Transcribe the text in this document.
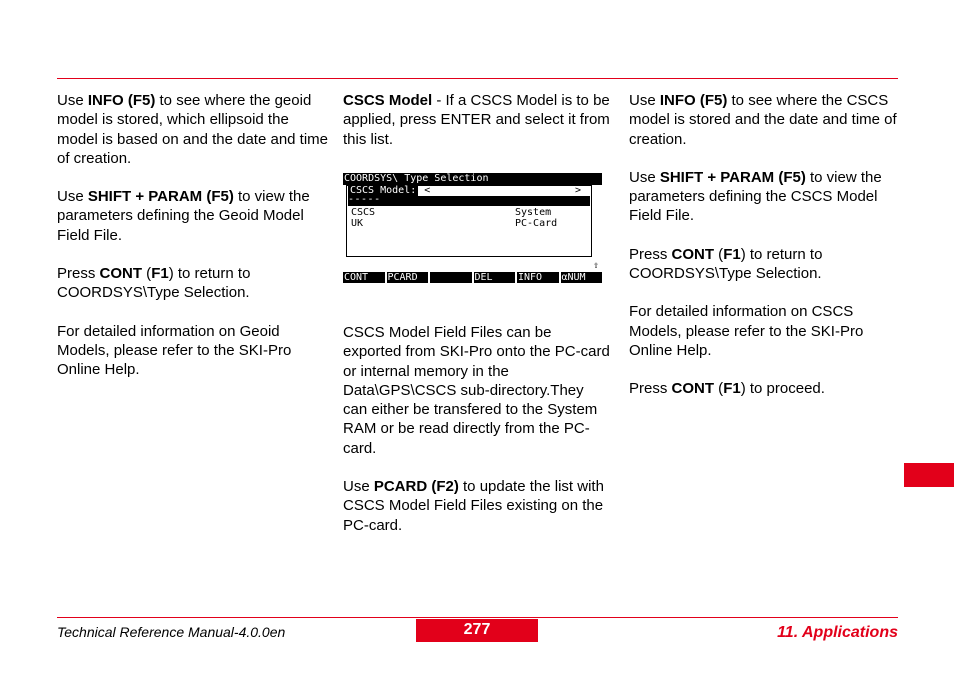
Use INFO (F5) to see where the geoid model is stored, which ellipsoid the model is based on and the date and time of creation.

Use SHIFT + PARAM (F5) to view the parameters defining the Geoid Model Field File.

Press CONT (F1) to return to COORDSYS\Type Selection.

For detailed information on Geoid Models, please refer to the SKI-Pro Online Help.

CSCS Model - If a CSCS Model is to be applied, press ENTER and select it from this list.

COORDSYS\ Type Selection
CSCS Model: <	>
-----
CSCS	System
UK	PC-Card
⇧
CONT	PCARD	DEL	INFO	αNUM

CSCS Model Field Files can be exported from SKI-Pro onto the PC-card or internal memory in the Data\GPS\CSCS sub-directory.They can either be transfered to the System RAM or be read directly from the PC- card.

Use PCARD (F2) to update the list with CSCS Model Field Files existing on the PC-card.

Use INFO (F5) to see where the CSCS model is stored and the date and time of creation.

Use SHIFT + PARAM (F5) to view the parameters defining the CSCS Model Field File.

Press CONT (F1) to return to COORDSYS\Type Selection.

For detailed information on CSCS Models, please refer to the SKI-Pro Online Help.

Press CONT (F1) to proceed.

Technical Reference Manual-4.0.0en	277	11. Applications
